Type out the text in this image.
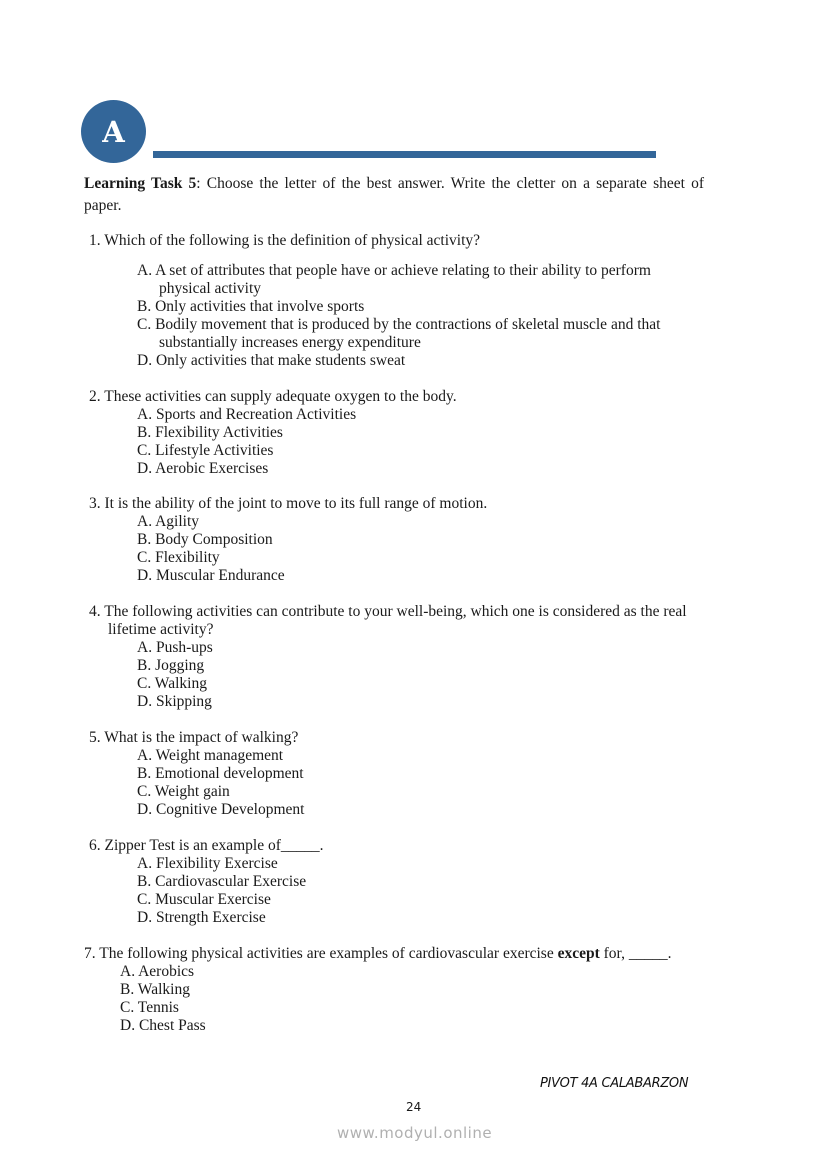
A
Learning Task 5: Choose the letter of the best answer. Write the cletter on a separate sheet of paper.
1. Which of the following is the definition of physical activity?
A. A set of attributes that people have or achieve relating to their ability to perform physical activity
B. Only activities that involve sports
C. Bodily movement that is produced by the contractions of skeletal muscle and that substantially increases energy expenditure
D. Only activities that make students sweat
2. These activities can supply adequate oxygen to the body.
A. Sports and Recreation Activities
B. Flexibility Activities
C. Lifestyle Activities
D. Aerobic Exercises
3. It is the ability of the joint to move to its full range of motion.
A. Agility
B. Body Composition
C. Flexibility
D. Muscular Endurance
4. The following activities can contribute to your well-being, which one is considered as the real lifetime activity?
A. Push-ups
B. Jogging
C. Walking
D. Skipping
5. What is the impact of walking?
A. Weight management
B. Emotional development
C. Weight gain
D. Cognitive Development
6. Zipper Test is an example of_____.
A. Flexibility Exercise
B. Cardiovascular Exercise
C. Muscular Exercise
D. Strength Exercise
7. The following physical activities are examples of cardiovascular exercise except for, _____.
A. Aerobics
B. Walking
C. Tennis
D. Chest Pass
PIVOT 4A CALABARZON
24
www.modyul.online
